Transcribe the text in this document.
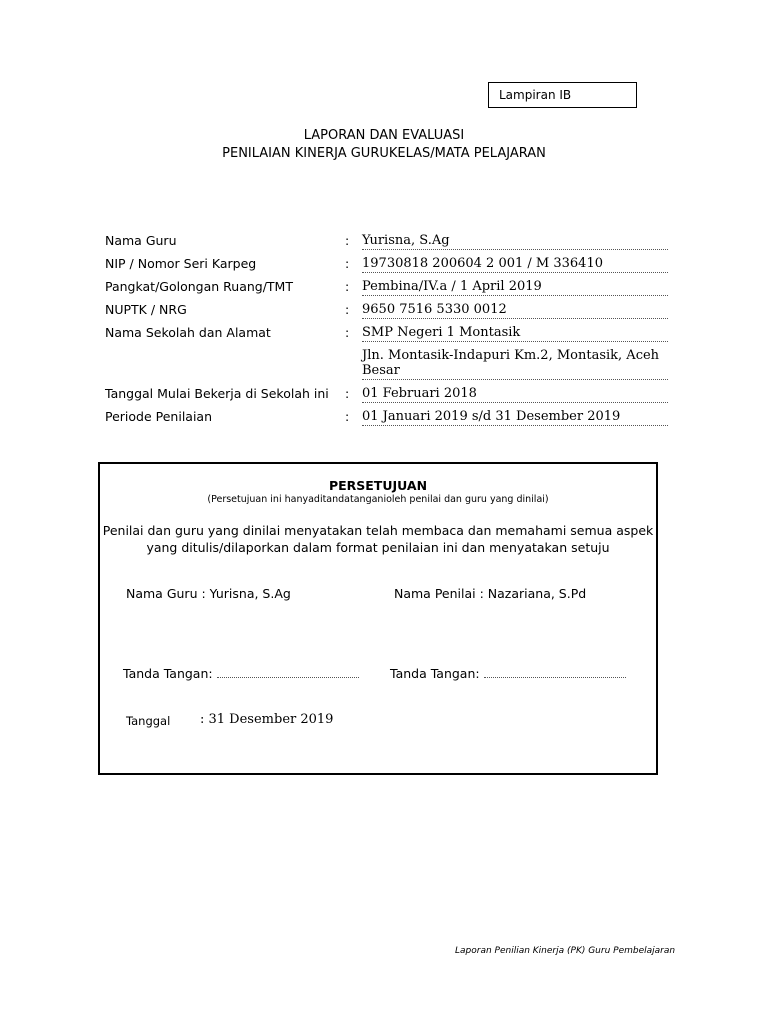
Lampiran IB
LAPORAN DAN EVALUASI
PENILAIAN KINERJA GURUKELAS/MATA PELAJARAN
Nama Guru	: Yurisna, S.Ag
NIP / Nomor Seri Karpeg	: 19730818 200604 2 001 / M 336410
Pangkat/Golongan Ruang/TMT	: Pembina/IV.a / 1 April 2019
NUPTK / NRG	: 9650 7516 5330 0012
Nama Sekolah dan Alamat	: SMP Negeri 1 Montasik
Jln. Montasik-Indapuri Km.2, Montasik, Aceh
Besar
Tanggal Mulai Bekerja di Sekolah ini : 01 Februari 2018
Periode Penilaian	: 01 Januari 2019 s/d 31 Desember 2019
PERSETUJUAN
(Persetujuan ini hanyaditandatanganioleh penilai dan guru yang dinilai)
Penilai dan guru yang dinilai menyatakan telah membaca dan memahami semua aspek
yang ditulis/dilaporkan dalam format penilaian ini dan menyatakan setuju
Nama Guru : Yurisna, S.Ag	Nama Penilai : Nazariana, S.Pd
Tanda Tangan:	Tanda Tangan:
Tanggal : 31 Desember 2019
Laporan Penilian Kinerja (PK) Guru Pembelajaran
